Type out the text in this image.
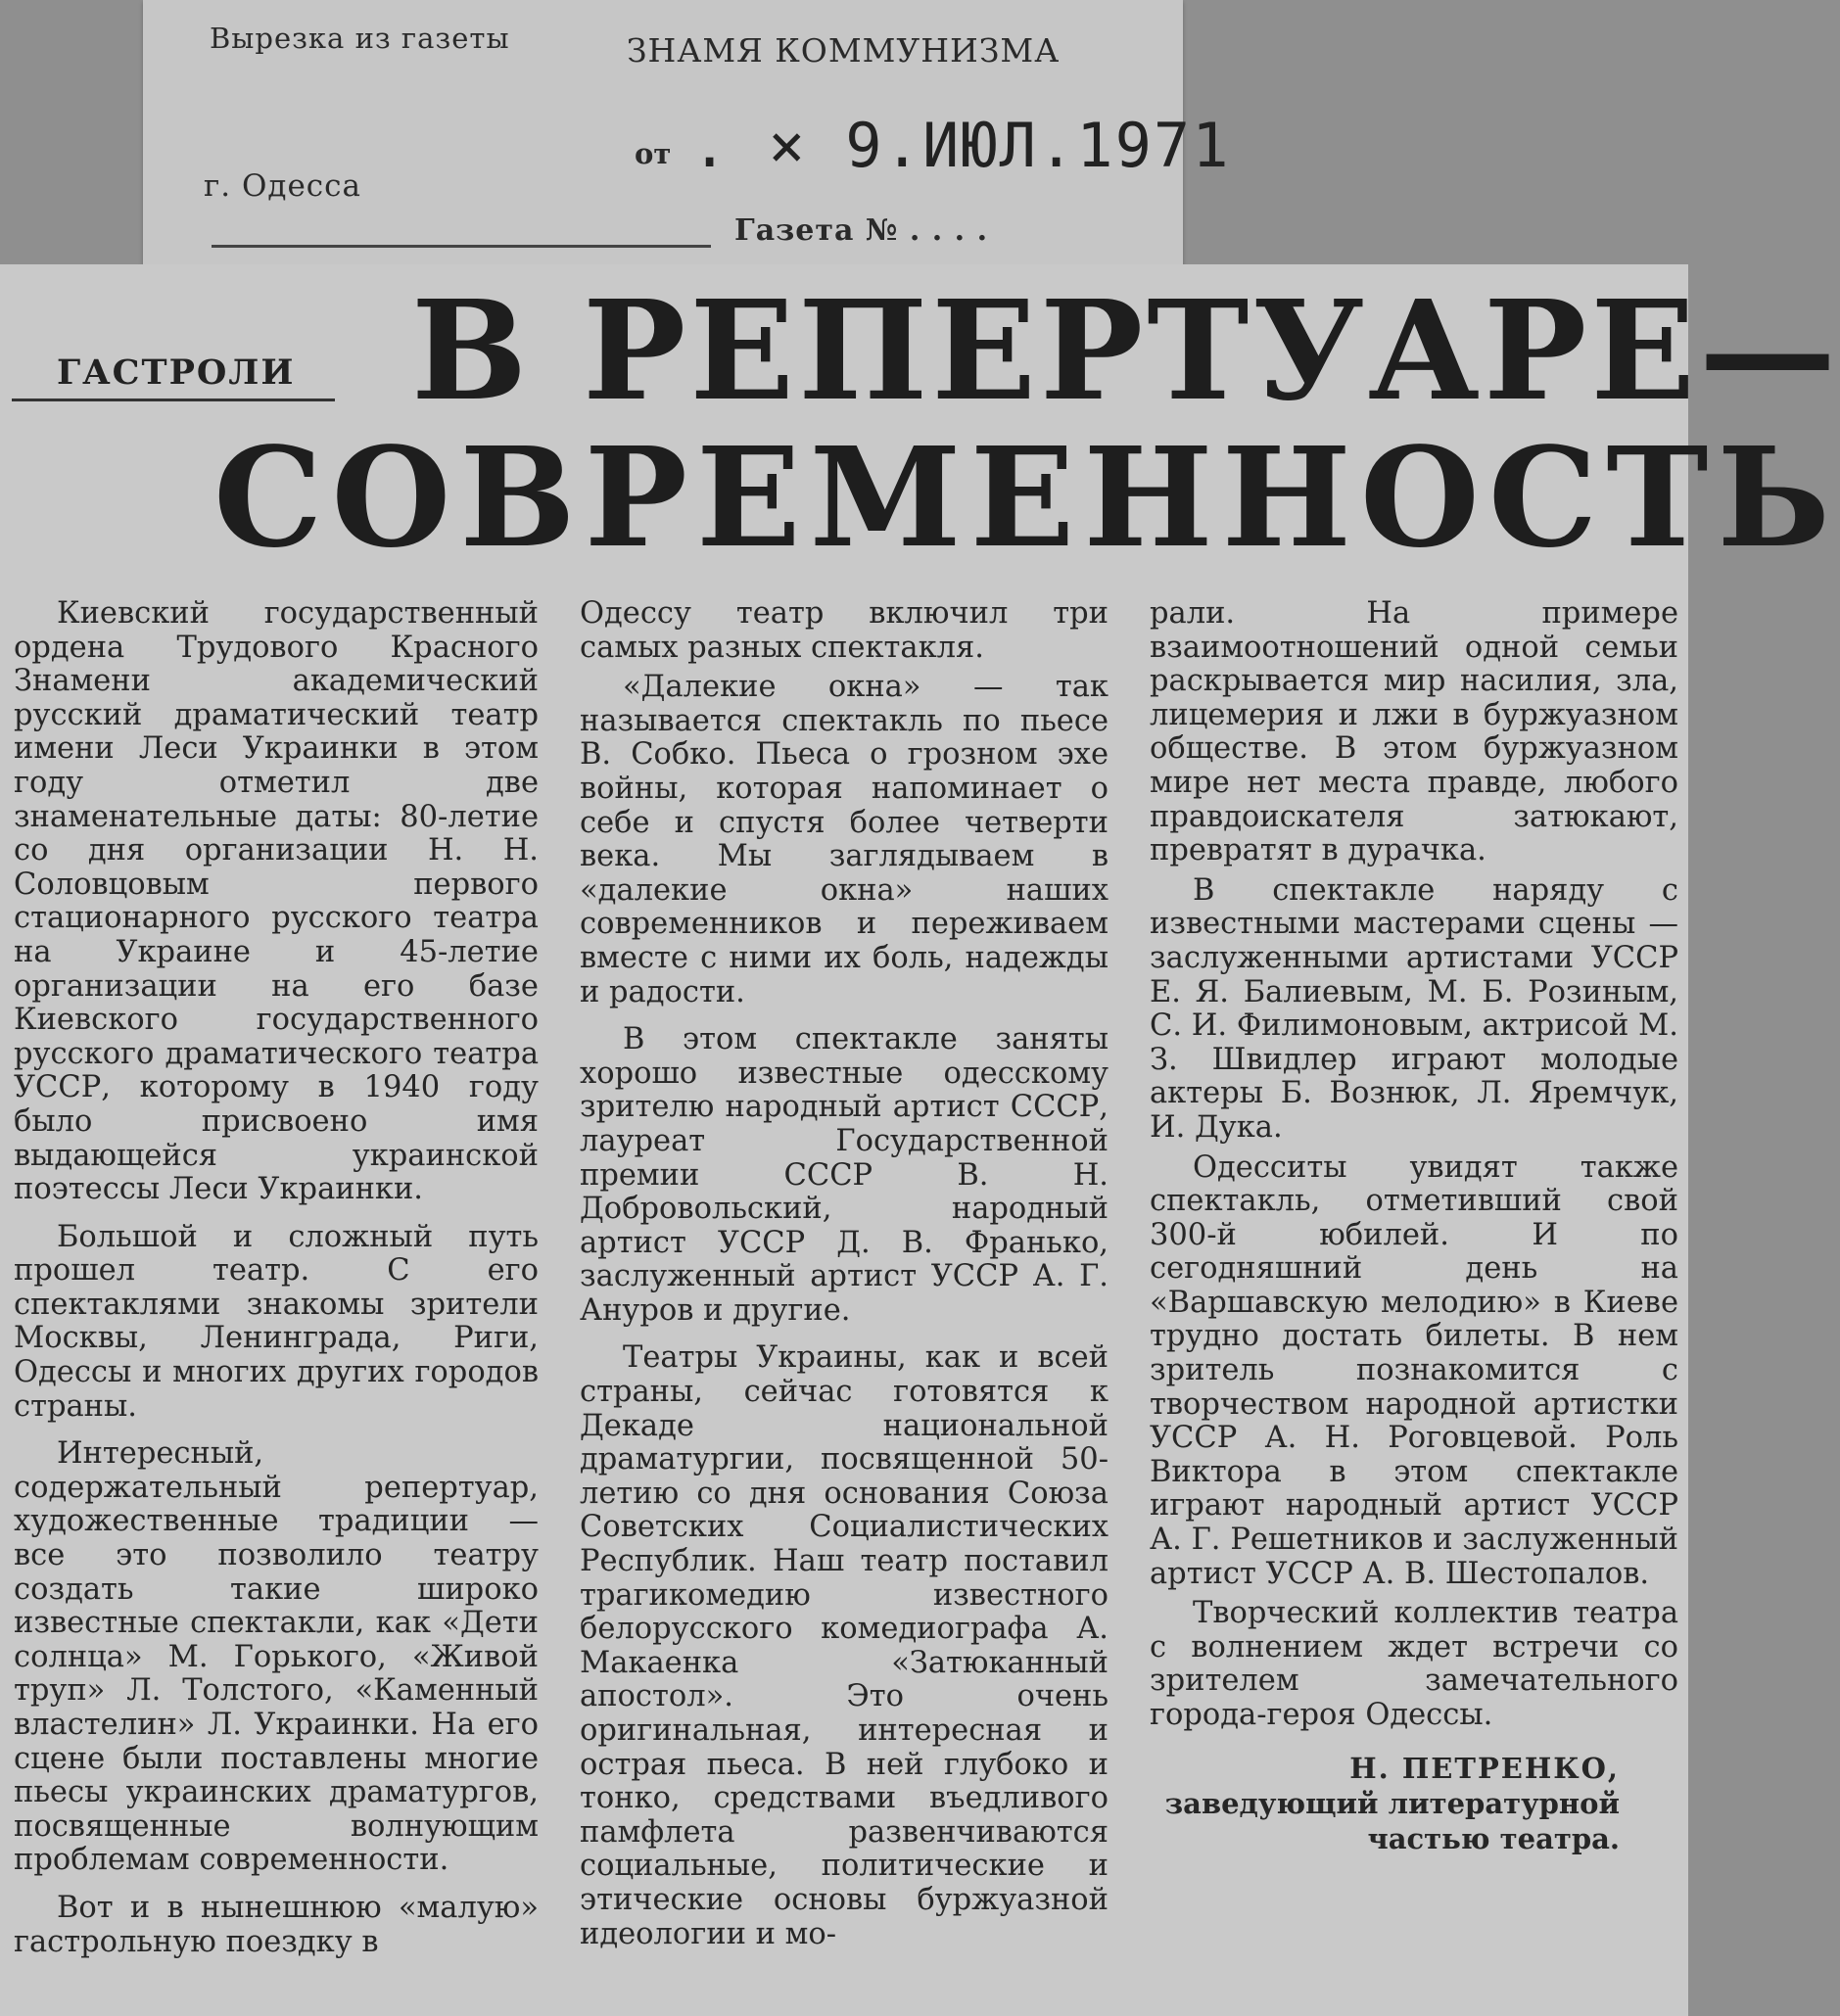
Вырезка из газеты	ЗНАМЯ КОММУНИЗМА
от . × 9.ИЮЛ.1971
г. Одесса
Газета № . . . .
ГАСТРОЛИ В РЕПЕРТУАРЕ—
СОВРЕМЕННОСТЬ

Киевский государственный ордена Трудового Красного Знамени академический русский драматический театр имени Леси Украинки в этом году отметил две знаменательные даты: 80-летие со дня организации Н. Н. Соловцовым первого стационарного русского театра на Украине и 45-летие организации на его базе Киевского государственного русского драматического театра УССР, которому в 1940 году было присвоено имя выдающейся украинской поэтессы Леси Украинки.

Большой и сложный путь прошел театр. С его спектаклями знакомы зрители Москвы, Ленинграда, Риги, Одессы и многих других городов страны.

Интересный, содержательный репертуар, художественные традиции — все это позволило театру создать такие широко известные спектакли, как «Дети солнца» М. Горького, «Живой труп» Л. Толстого, «Каменный властелин» Л. Украинки. На его сцене были поставлены многие пьесы украинских драматургов, посвященные волнующим проблемам современности.

Вот и в нынешнюю «малую» гастрольную поездку в

Одессу театр включил три самых разных спектакля.

«Далекие окна» — так называется спектакль по пьесе В. Собко. Пьеса о грозном эхе войны, которая напоминает о себе и спустя более четверти века. Мы заглядываем в «далекие окна» наших современников и переживаем вместе с ними их боль, надежды и радости.

В этом спектакле заняты хорошо известные одесскому зрителю народный артист СССР, лауреат Государственной премии СССР В. Н. Добровольский, народный артист УССР Д. В. Франько, заслуженный артист УССР А. Г. Ануров и другие.

Театры Украины, как и всей страны, сейчас готовятся к Декаде национальной драматургии, посвященной 50-летию со дня основания Союза Советских Социалистических Республик. Наш театр поставил трагикомедию известного белорусского комедиографа А. Макаенка «Затюканный апостол». Это очень оригинальная, интересная и острая пьеса. В ней глубоко и тонко, средствами въедливого памфлета развенчиваются социальные, политические и этические основы буржуазной идеологии и мо-

рали. На примере взаимоотношений одной семьи раскрывается мир насилия, зла, лицемерия и лжи в буржуазном обществе. В этом буржуазном мире нет места правде, любого правдоискателя затюкают, превратят в дурачка.

В спектакле наряду с известными мастерами сцены — заслуженными артистами УССР Е. Я. Балиевым, М. Б. Розиным, С. И. Филимоновым, актрисой М. З. Швидлер играют молодые актеры Б. Вознюк, Л. Яремчук, И. Дука.

Одесситы увидят также спектакль, отметивший свой 300-й юбилей. И по сегодняшний день на «Варшавскую мелодию» в Киеве трудно достать билеты. В нем зритель познакомится с творчеством народной артистки УССР А. Н. Роговцевой. Роль Виктора в этом спектакле играют народный артист УССР А. Г. Решетников и заслуженный артист УССР А. В. Шестопалов.

Творческий коллектив театра с волнением ждет встречи со зрителем замечательного города-героя Одессы.

Н. ПЕТРЕНКО,
заведующий литературной
частью театра.
